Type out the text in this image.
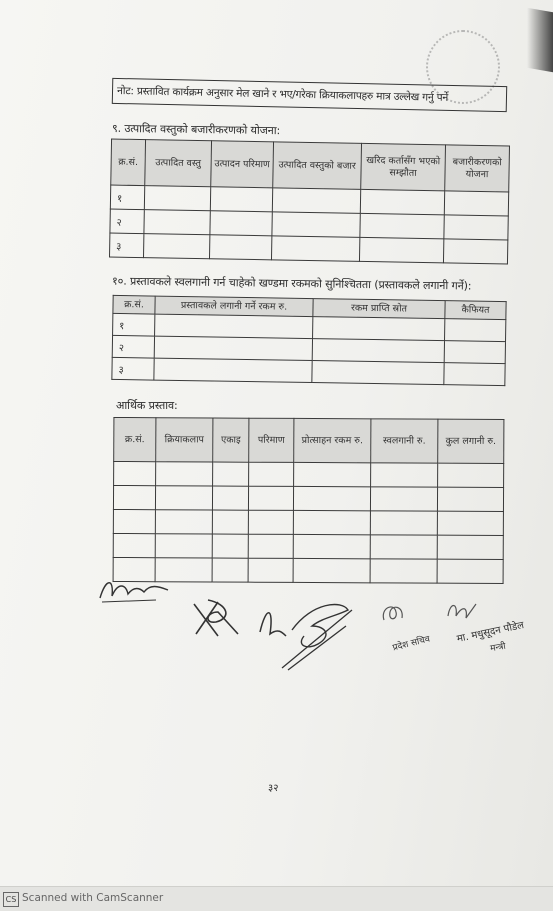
नोट: प्रस्तावित कार्यक्रम अनुसार मेल खाने र भए/गरेका क्रियाकलापहरु मात्र उल्लेख गर्नु पर्ने
९. उत्पादित वस्तुको बजारीकरणको योजना:
क्र.सं.	उत्पादित वस्तु	उत्पादन परिमाण	उत्पादित वस्तुको बजार	खरिद कर्तासँग भएको सम्झौता	बजारीकरणको योजना
१					
२					
३					
१०. प्रस्तावकले स्वलगानी गर्न चाहेको खण्डमा रकमको सुनिश्चितता (प्रस्तावकले लगानी गर्ने):
क्र.सं.	प्रस्तावकले लगानी गर्ने रकम रु.	रकम प्राप्ति स्रोत	कैफियत
१			
२			
३			
आर्थिक प्रस्ताव:
क्र.सं.	क्रियाकलाप	एकाइ	परिमाण	प्रोत्साहन रकम रु.	स्वलगानी रु.	कुल लगानी रु.

प्रदेश सचिव मा. मधुसूदन पौडेल
मन्त्री
३२
CS Scanned with CamScanner
